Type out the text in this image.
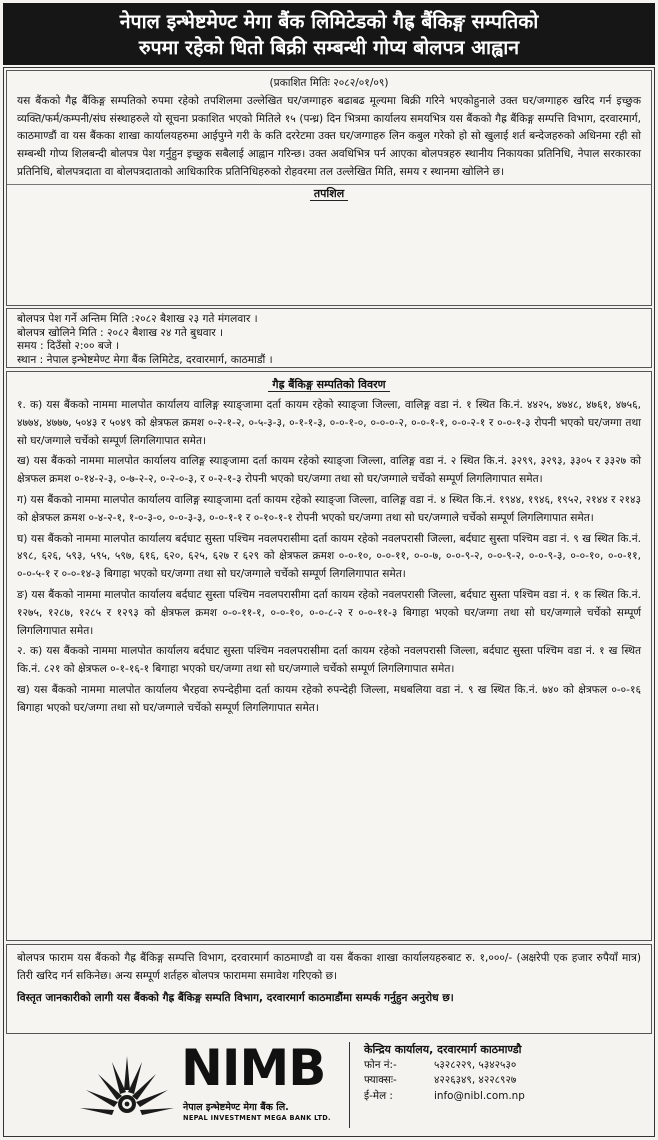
नेपाल इन्भेष्टमेण्ट मेगा बैंक लिमिटेडको गैह्र बैंकिङ्ग सम्पतिको
रुपमा रहेको धितो बिक्री सम्बन्धी गोप्य बोलपत्र आह्वान

(प्रकाशित मितिः २०८२/०१/०९)

यस बैंकको गैह्र बैंकिङ्ग सम्पतिको रुपमा रहेको तपशिलमा उल्लेखित घर/जग्गाहरु बढाबढ मूल्यमा बिक्री गरिने भएकोहुनाले उक्त घर/जग्गाहरु खरिद गर्न इच्छुक व्यक्ति/फर्म/कम्पनी/संघ संस्थाहरुले यो सूचना प्रकाशित भएको मितिले १५ (पन्ध्र) दिन भित्रमा कार्यालय समयभित्र यस बैंकको गैह्र बैंकिङ्ग सम्पत्ति विभाग, दरवारमार्ग, काठमाण्डौं वा यस बैंकका शाखा कार्यालयहरुमा आईपुग्ने गरी के कति दररेटमा उक्त घर/जग्गाहरु लिन कबुल गरेको हो सो खुलाई शर्त बन्देजहरुको अधिनमा रही सो सम्बन्धी गोप्य शिलबन्दी बोलपत्र पेश गर्नुहुन इच्छुक सबैलाई आह्वान गरिन्छ। उक्त अवधिभित्र पर्न आएका बोलपत्रहरु स्थानीय निकायका प्रतिनिधि, नेपाल सरकारका प्रतिनिधि, बोलपत्रदाता वा बोलपत्रदाताको आधिकारिक प्रतिनिधिहरुको रोहवरमा तल उल्लेखित मिति, समय र स्थानमा खोलिने छ।

तपशिल
बोलपत्र पेश गर्ने अन्तिम मिति :२०८२ बैशाख २३ गते मंगलवार ।
बोलपत्र खोलिने मिति : २०८२ बैशाख २४ गते बुधवार ।
समय : दिउँसो २:०० बजे ।
स्थान : नेपाल इन्भेष्टमेण्ट मेगा बैंक लिमिटेड, दरवारमार्ग, काठमाडौं ।
गैह्र बैंकिङ्ग सम्पतिको विवरण

१. क) यस बैंकको नाममा मालपोत कार्यालय वालिङ्ग स्याङ्जामा दर्ता कायम रहेको स्याङ्जा जिल्ला, वालिङ्ग वडा नं. १ स्थित कि.नं. ४४२५, ४७४८, ४७६१, ४७५६, ४७७४, ४७७७, ५०४३ र ५०४९ को क्षेत्रफल क्रमश ०-२-१-२, ०-५-३-३, ०-१-१-३, ०-०-१-०, ०-०-०-२, ०-०-१-१, ०-०-२-१ र ०-०-१-३ रोपनी भएको घर/जग्गा तथा सो घर/जग्गाले चर्चेको सम्पूर्ण लिगलिगापात समेत।

ख) यस बैंकको नाममा मालपोत कार्यालय वालिङ्ग स्याङ्जामा दर्ता कायम रहेको स्याङ्जा जिल्ला, वालिङ्ग वडा नं. २ स्थित कि.नं. ३२९९, ३२९३, ३३०५ र ३३२७ को क्षेत्रफल क्रमश ०-१४-२-३, ०-७-२-२, ०-२-०-३, र ०-२-१-३ रोपनी भएको घर/जग्गा तथा सो घर/जग्गाले चर्चेको सम्पूर्ण लिगलिगापात समेत।

ग) यस बैंकको नाममा मालपोत कार्यालय वालिङ्ग स्याङ्जामा दर्ता कायम रहेको स्याङ्जा जिल्ला, वालिङ्ग वडा नं. ४ स्थित कि.नं. १९४४, १९४६, १९५२, २१४४ र २१४३ को क्षेत्रफल क्रमश ०-४-२-१, १-०-३-०, ०-०-३-३, ०-०-१-१ र ०-१०-१-१ रोपनी भएको घर/जग्गा तथा सो घर/जग्गाले चर्चेको सम्पूर्ण लिगलिगापात समेत।

घ) यस बैंकको नाममा मालपोत कार्यालय बर्दघाट सुस्ता पश्चिम नवलपरासीमा दर्ता कायम रहेको नवलपरासी जिल्ला, बर्दघाट सुस्ता पश्चिम वडा नं. ९ ख स्थित कि.नं. ४९८, ६२६, ५९३, ५९५, ५९७, ६१६, ६२०, ६२५, ६२७ र ६२९ को क्षेत्रफल क्रमश ०-०-१०, ०-०-११, ०-०-७, ०-०-९-२, ०-०-९-२, ०-०-९-३, ०-०-१०, ०-०-११, ०-०-५-१ र ०-०-१४-३ बिगाहा भएको घर/जग्गा तथा सो घर/जग्गाले चर्चेको सम्पूर्ण लिगलिगापात समेत।

ङ) यस बैंकको नाममा मालपोत कार्यालय बर्दघाट सुस्ता पश्चिम नवलपरासीमा दर्ता कायम रहेको नवलपरासी जिल्ला, बर्दघाट सुस्ता पश्चिम वडा नं. १ क स्थित कि.नं. १२७५, १२८७, १२८५ र १२९३ को क्षेत्रफल क्रमश ०-०-११-१, ०-०-१०, ०-०-८-२ र ०-०-११-३ बिगाहा भएको घर/जग्गा तथा सो घर/जग्गाले चर्चेको सम्पूर्ण लिगलिगापात समेत।

२. क) यस बैंकको नाममा मालपोत कार्यालय बर्दघाट सुस्ता पश्चिम नवलपरासीमा दर्ता कायम रहेको नवलपरासी जिल्ला, बर्दघाट सुस्ता पश्चिम वडा नं. १ ख स्थित कि.नं. ८२१ को क्षेत्रफल ०-१-१६-१ बिगाहा भएको घर/जग्गा तथा सो घर/जग्गाले चर्चेको सम्पूर्ण लिगलिगापात समेत।

ख) यस बैंकको नाममा मालपोत कार्यालय भैरहवा रुपन्देहीमा दर्ता कायम रहेको रुपन्देही जिल्ला, मधबलिया वडा नं. ९ ख स्थित कि.नं. ७४० को क्षेत्रफल ०-०-१६ बिगाहा भएको घर/जग्गा तथा सो घर/जग्गाले चर्चेको सम्पूर्ण लिगलिगापात समेत।

बोलपत्र फाराम यस बैंकको गैह्र बैंकिङ्ग सम्पत्ति विभाग, दरवारमार्ग काठमाण्डौ वा यस बैंकका शाखा कार्यालयहरुबाट रु. १,०००/- (अक्षरेपी एक हजार रुपैयाँ मात्र) तिरी खरिद गर्न सकिनेछ। अन्य सम्पूर्ण शर्तहरु बोलपत्र फाराममा समावेश गरिएको छ।

विस्तृत जानकारीको लागी यस बैंकको गैह्र बैंकिङ्ग सम्पति विभाग, दरवारमार्ग काठमाडौंमा सम्पर्क गर्नुहुन अनुरोध छ।

NIMB
नेपाल इन्भेष्टमेण्ट मेगा बैंक लि.
NEPAL INVESTMENT MEGA BANK LTD.
केन्द्रिय कार्यालय, दरवारमार्ग काठमाण्डौ
फोन नं:-	५३२८२२९, ५३४२५३०
फ्याक्सः-	४२२६३४९, ४२२८९२७
ई-मेल :	info@nibl.com.np
